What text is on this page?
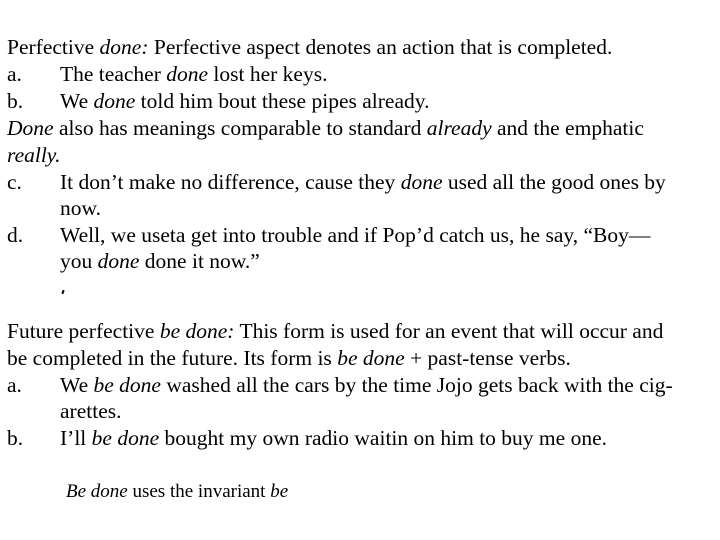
Perfective done: Perfective aspect denotes an action that is completed.
a. The teacher done lost her keys.
b. We done told him bout these pipes already.
Done also has meanings comparable to standard already and the emphatic
really.
c. It don’t make no difference, cause they done used all the good ones by
now.
d. Well, we useta get into trouble and if Pop’d catch us, he say, “Boy—
you done done it now.”
Future perfective be done: This form is used for an event that will occur and
be completed in the future. Its form is be done + past-tense verbs.
a. We be done washed all the cars by the time Jojo gets back with the cig-
arettes.
b. I’ll be done bought my own radio waitin on him to buy me one.
Be done uses the invariant be
